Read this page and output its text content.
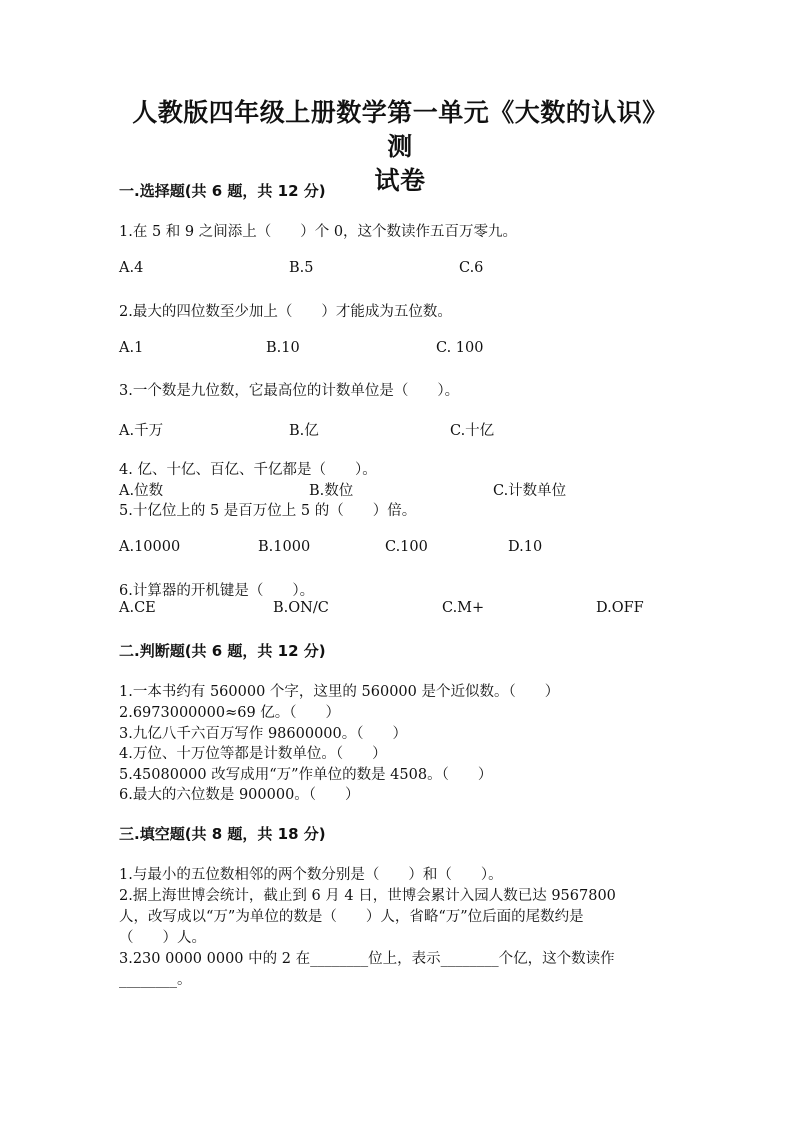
人教版四年级上册数学第一单元《大数的认识》测
试卷
一.选择题(共 6 题，共 12 分)
1.在 5 和 9 之间添上（　　）个 0，这个数读作五百万零九。
A.4	B.5	C.6
2.最大的四位数至少加上（　　）才能成为五位数。
A.1	B.10	C. 100
3.一个数是九位数，它最高位的计数单位是（　　）。
A.千万	B.亿	C.十亿
4. 亿、十亿、百亿、千亿都是（　　）。
A.位数	B.数位	C.计数单位
5.十亿位上的 5 是百万位上 5 的（　　）倍。
A.10000	B.1000	C.100	D.10
6.计算器的开机键是（　　）。
A.CE	B.ON/C	C.M+	D.OFF
二.判断题(共 6 题，共 12 分)
1.一本书约有 560000 个字，这里的 560000 是个近似数。（　　）
2.6973000000≈69 亿。（　　）
3.九亿八千六百万写作 98600000。（　　）
4.万位、十万位等都是计数单位。（　　）
5.45080000 改写成用“万”作单位的数是 4508。（　　）
6.最大的六位数是 900000。（　　）
三.填空题(共 8 题，共 18 分)
1.与最小的五位数相邻的两个数分别是（　　）和（　　）。
2.据上海世博会统计，截止到 6 月 4 日，世博会累计入园人数已达 9567800
人，改写成以“万”为单位的数是（　　）人，省略“万”位后面的尾数约是
（　　）人。
3.230 0000 0000 中的 2 在________位上，表示________个亿，这个数读作
________。
